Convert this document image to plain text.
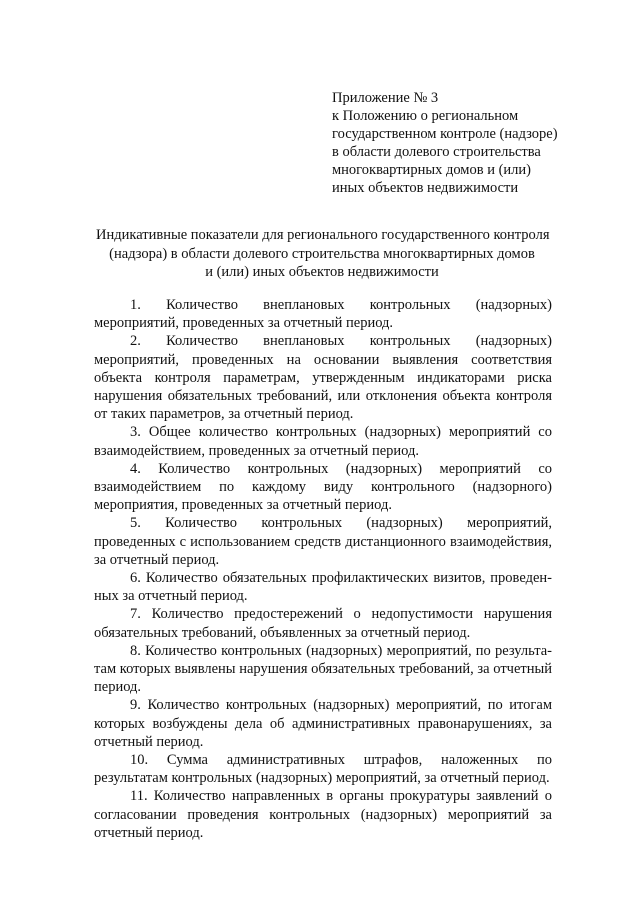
Приложение № 3
к Положению о региональном
государственном контроле (надзоре)
в области долевого строительства
многоквартирных домов и (или)
иных объектов недвижимости
Индикативные показатели для регионального государственного контроля
(надзора) в области долевого строительства многоквартирных домов
и (или) иных объектов недвижимости

1. Количество внеплановых контрольных (надзорных) мероприятий, проведенных за отчетный период.

2. Количество внеплановых контрольных (надзорных) мероприятий, проведенных на основании выявления соответствия объекта контроля параметрам, утвержденным индикаторами риска нарушения обязательных требований, или отклонения объекта контроля от таких параметров, за отчетный период.

3. Общее количество контрольных (надзорных) мероприятий со взаимодействием, проведенных за отчетный период.

4. Количество контрольных (надзорных) мероприятий со взаимодействием по каждому виду контрольного (надзорного) мероприятия, проведенных за отчетный период.

5. Количество контрольных (надзорных) мероприятий, проведенных с использованием средств дистанционного взаимодействия, за отчетный период.

6. Количество обязательных профилактических визитов, проведенных за отчетный период.

7. Количество предостережений о недопустимости нарушения обязательных требований, объявленных за отчетный период.

8. Количество контрольных (надзорных) мероприятий, по результатам которых выявлены нарушения обязательных требований, за отчетный период.

9. Количество контрольных (надзорных) мероприятий, по итогам которых возбуждены дела об административных правонарушениях, за отчетный период.

10. Сумма административных штрафов, наложенных по результатам контрольных (надзорных) мероприятий, за отчетный период.

11. Количество направленных в органы прокуратуры заявлений о согласовании проведения контрольных (надзорных) мероприятий за отчетный период.
